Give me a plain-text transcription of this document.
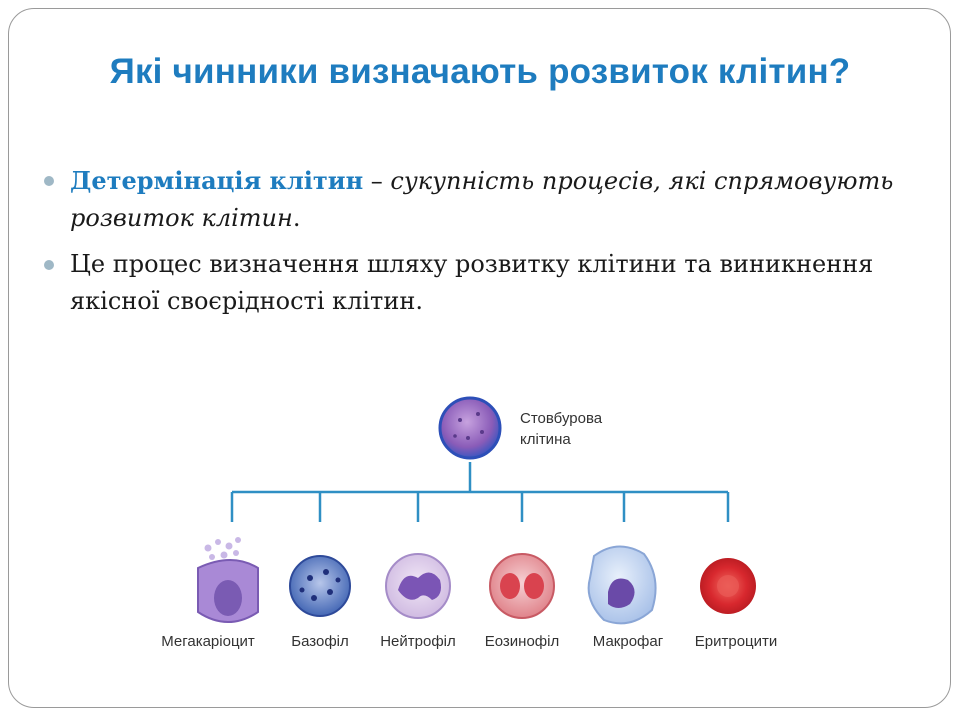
Які чинники визначають розвиток клітин?
Детермінація клітин – сукупність процесів, які спрямовують розвиток клітин.
Це процес визначення шляху розвитку клітини та виникнення якісної своєрідності клітин.
Стовбурова
клітина
Мегакаріоцит Базофіл Нейтрофіл Еозинофіл Макрофаг Еритроцити
